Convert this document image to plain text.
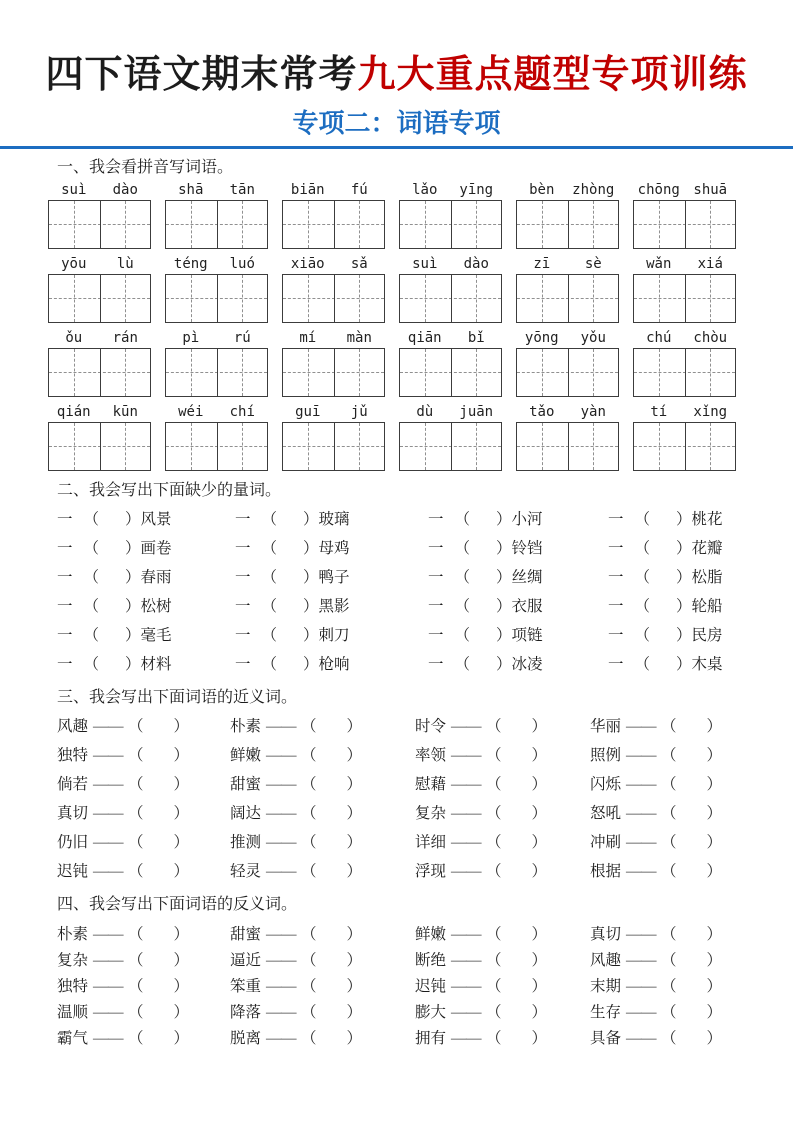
四下语文期末常考九大重点题型专项训练
专项二：词语专项
一、我会看拼音写词语。
suì	dào	shā	tān	biān	fú	lǎo	yīng	bèn	zhòng	chōng shuā
yōu	lù	téng	luó	xiāo	sǎ	suì	dào	zī	sè	wǎn	xiá
ǒu	rán	pì	rú	mí	màn	qiān	bǐ	yōng	yǒu	chú	chòu
qián	kūn	wéi	chí	guī	jǔ	dù	juān	tǎo	yàn	tí	xǐng
二、我会写出下面缺少的量词。
一 （ ） 风景	一 （ ） 玻璃	一 （ ） 小河	一 （ ） 桃花
一 （ ） 画卷	一 （ ） 母鸡	一 （ ） 铃铛	一 （ ） 花瓣
一 （ ） 春雨	一 （ ） 鸭子	一 （ ） 丝绸	一 （ ） 松脂
一 （ ） 松树	一 （ ） 黑影	一 （ ） 衣服	一 （ ） 轮船
一 （ ） 毫毛	一 （ ） 刺刀	一 （ ） 项链	一 （ ） 民房
一 （ ） 材料	一 （ ） 枪响	一 （ ） 冰凌	一 （ ） 木桌
三、我会写出下面词语的近义词。
风趣 —— （ ）	朴素 —— （ ）	时令 —— （ ）	华丽 —— （ ）
独特 —— （ ）	鲜嫩 —— （ ）	率领 —— （ ）	照例 —— （ ）
倘若 —— （ ）	甜蜜 —— （ ）	慰藉 —— （ ）	闪烁 —— （ ）
真切 —— （ ）	阔达 —— （ ）	复杂 —— （ ）	怒吼 —— （ ）
仍旧 —— （ ）	推测 —— （ ）	详细 —— （ ）	冲刷 —— （ ）
迟钝 —— （ ）	轻灵 —— （ ）	浮现 —— （ ）	根据 —— （ ）
四、我会写出下面词语的反义词。
朴素 —— （ ）	甜蜜 —— （ ）	鲜嫩 —— （ ）	真切 —— （ ）
复杂 —— （ ）	逼近 —— （ ）	断绝 —— （ ）	风趣 —— （ ）
独特 —— （ ）	笨重 —— （ ）	迟钝 —— （ ）	末期 —— （ ）
温顺 —— （ ）	降落 —— （ ）	膨大 —— （ ）	生存 —— （ ）
霸气 —— （ ）	脱离 —— （ ）	拥有 —— （ ）	具备 —— （ ）
